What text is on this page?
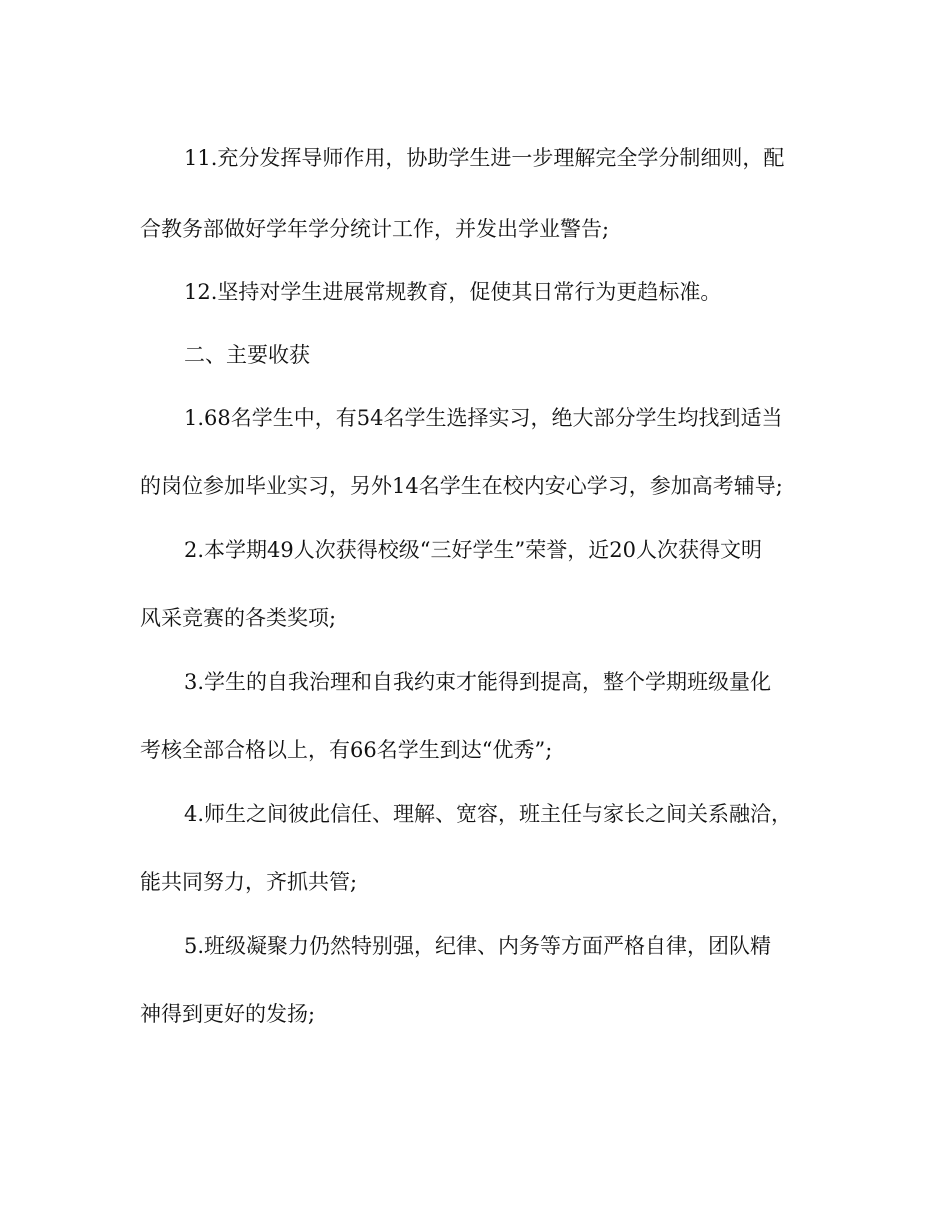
11.充分发挥导师作用，协助学生进一步理解完全学分制细则，配
合教务部做好学年学分统计工作，并发出学业警告;
12.坚持对学生进展常规教育，促使其日常行为更趋标准。
二、主要收获
1.68名学生中，有54名学生选择实习，绝大部分学生均找到适当
的岗位参加毕业实习，另外14名学生在校内安心学习，参加高考辅导;
2.本学期49人次获得校级“三好学生”荣誉，近20人次获得文明
风采竞赛的各类奖项;
3.学生的自我治理和自我约束才能得到提高，整个学期班级量化
考核全部合格以上，有66名学生到达“优秀”;
4.师生之间彼此信任、理解、宽容，班主任与家长之间关系融洽，
能共同努力，齐抓共管;
5.班级凝聚力仍然特别强，纪律、内务等方面严格自律，团队精
神得到更好的发扬;
